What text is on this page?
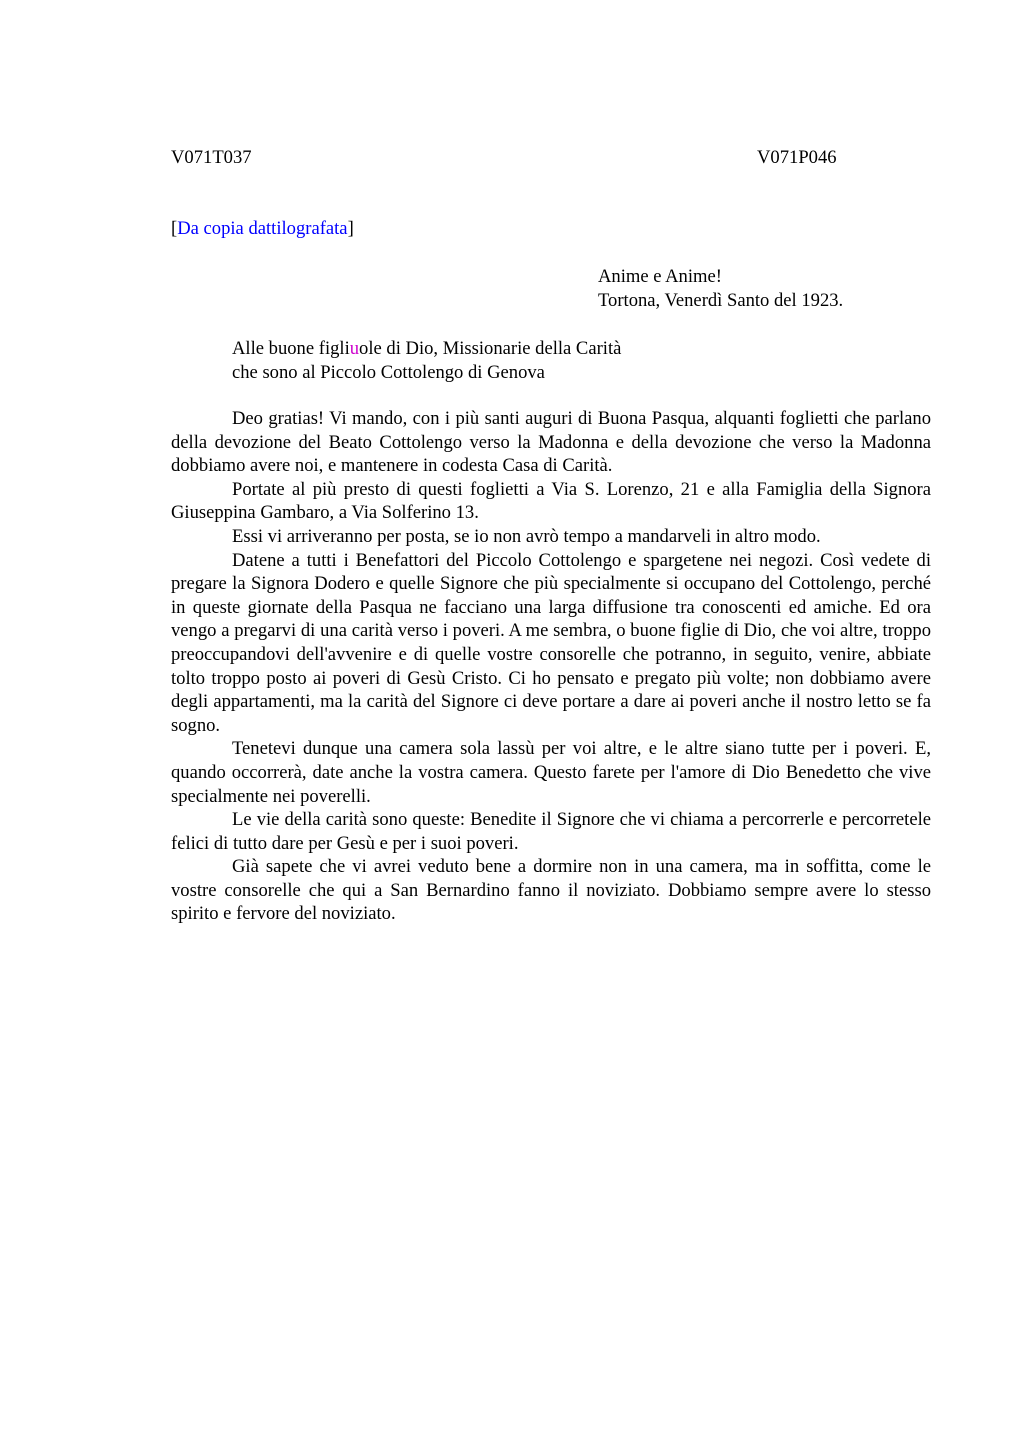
V071T037	V071P046
[Da copia dattilografata]
Anime e Anime!
Tortona, Venerdì Santo del 1923.
Alle buone figliuole di Dio, Missionarie della Carità
che sono al Piccolo Cottolengo di Genova

Deo gratias! Vi mando, con i più santi auguri di Buona Pasqua, alquanti foglietti che parlano della devozione del Beato Cottolengo verso la Madonna e della devozione che verso la Madonna dobbiamo avere noi, e mantenere in codesta Casa di Carità.

Portate al più presto di questi foglietti a Via S. Lorenzo, 21 e alla Famiglia della Signora Giuseppina Gambaro, a Via Solferino 13.

Essi vi arriveranno per posta, se io non avrò tempo a mandarveli in altro modo.

Datene a tutti i Benefattori del Piccolo Cottolengo e spargetene nei negozi. Così vedete di pregare la Signora Dodero e quelle Signore che più specialmente si occupano del Cottolengo, perché in queste giornate della Pasqua ne facciano una larga diffusione tra conoscenti ed amiche. Ed ora vengo a pregarvi di una carità verso i poveri. A me sembra, o buone figlie di Dio, che voi altre, troppo preoccupandovi dell'avvenire e di quelle vostre consorelle che potranno, in seguito, venire, abbiate tolto troppo posto ai poveri di Gesù Cristo. Ci ho pensato e pregato più volte; non dobbiamo avere degli appartamenti, ma la carità del Signore ci deve portare a dare ai poveri anche il nostro letto se fa sogno.

Tenetevi dunque una camera sola lassù per voi altre, e le altre siano tutte per i poveri. E, quando occorrerà, date anche la vostra camera. Questo farete per l'amore di Dio Benedetto che vive specialmente nei poverelli.

Le vie della carità sono queste: Benedite il Signore che vi chiama a percorrerle e percorretele felici di tutto dare per Gesù e per i suoi poveri.

Già sapete che vi avrei veduto bene a dormire non in una camera, ma in soffitta, come le vostre consorelle che qui a San Bernardino fanno il noviziato. Dobbiamo sempre avere lo stesso spirito e fervore del noviziato.
